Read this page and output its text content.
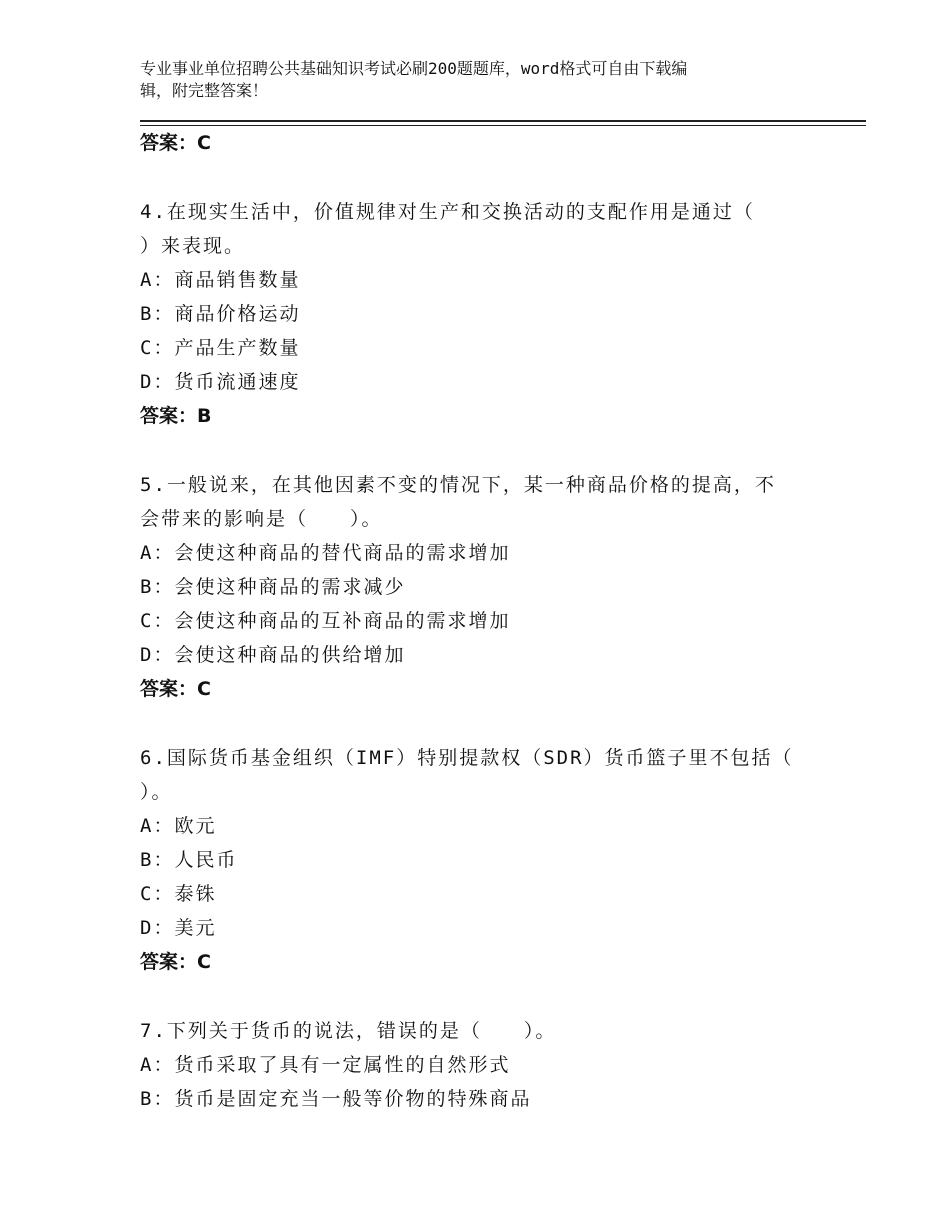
专业事业单位招聘公共基础知识考试必刷200题题库，word格式可自由下载编
辑，附完整答案！
答案：C
4.在现实生活中，价值规律对生产和交换活动的支配作用是通过（
）来表现。
A：商品销售数量
B：商品价格运动
C：产品生产数量
D：货币流通速度
答案：B
5.一般说来，在其他因素不变的情况下，某一种商品价格的提高，不
会带来的影响是（　　）。
A：会使这种商品的替代商品的需求增加
B：会使这种商品的需求减少
C：会使这种商品的互补商品的需求增加
D：会使这种商品的供给增加
答案：C
6.国际货币基金组织（IMF）特别提款权（SDR）货币篮子里不包括（
）。
A：欧元
B：人民币
C：泰铢
D：美元
答案：C
7.下列关于货币的说法，错误的是（　　）。
A：货币采取了具有一定属性的自然形式
B：货币是固定充当一般等价物的特殊商品
